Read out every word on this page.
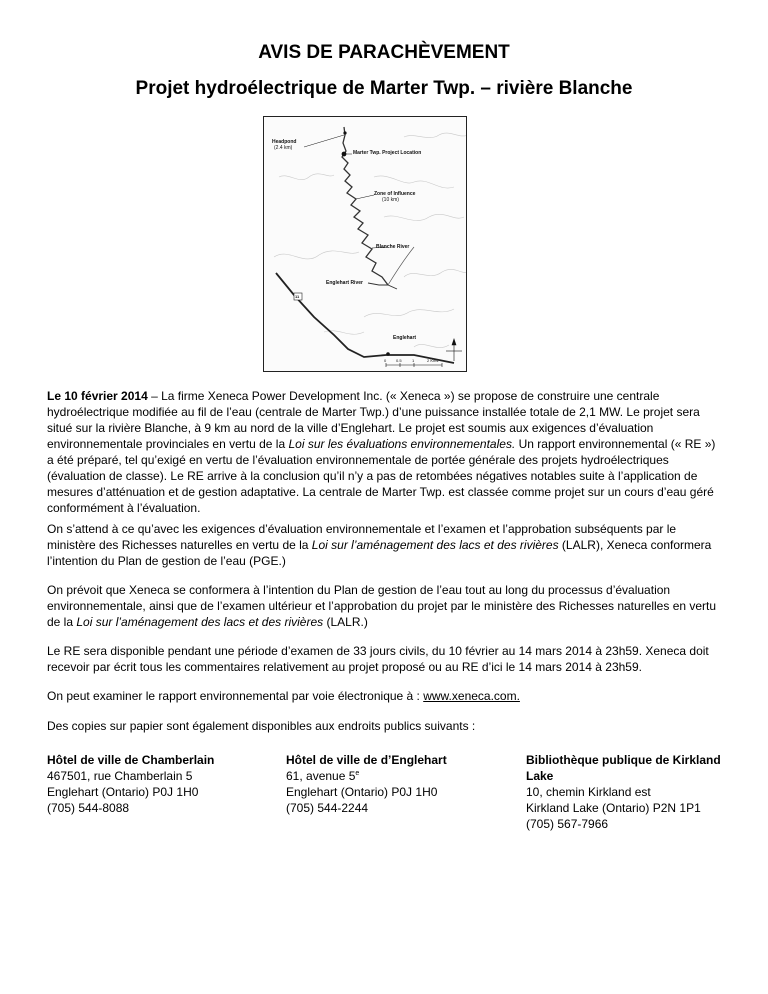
AVIS DE PARACHÈVEMENT
Projet hydroélectrique de Marter Twp. – rivière Blanche
Headpond
(2.4 km)
Marter Twp. Project Location
Zone of Influence
(10 km)
Blanche River
Englehart River
Englehart
11
0 0.5	1	2 Kms

Le 10 février 2014 – La firme Xeneca Power Development Inc. (« Xeneca ») se propose de construire une centrale hydroélectrique modifiée au fil de l’eau (centrale de Marter Twp.) d’une puissance installée totale de 2,1 MW. Le projet sera situé sur la rivière Blanche, à 9 km au nord de la ville d’Englehart. Le projet est soumis aux exigences d’évaluation environnementale provinciales en vertu de la Loi sur les évaluations environnementales. Un rapport environnemental (« RE ») a été préparé, tel qu’exigé en vertu de l’évaluation environnementale de portée générale des projets hydroélectriques (évaluation de classe). Le RE arrive à la conclusion qu’il n’y a pas de retombées négatives notables suite à l’application de mesures d’atténuation et de gestion adaptative. La centrale de Marter Twp. est classée comme projet sur un cours d’eau géré conformément à l’évaluation.

On s’attend à ce qu’avec les exigences d’évaluation environnementale et l’examen et l’approbation subséquents par le ministère des Richesses naturelles en vertu de la Loi sur l’aménagement des lacs et des rivières (LALR), Xeneca conformera l’intention du Plan de gestion de l’eau (PGE.)

On prévoit que Xeneca se conformera à l’intention du Plan de gestion de l’eau tout au long du processus d’évaluation environnementale, ainsi que de l’examen ultérieur et l’approbation du projet par le ministère des Richesses naturelles en vertu de la Loi sur l’aménagement des lacs et des rivières (LALR.)

Le RE sera disponible pendant une période d’examen de 33 jours civils, du 10 février au 14 mars 2014 à 23h59. Xeneca doit recevoir par écrit tous les commentaires relativement au projet proposé ou au RE d’ici le 14 mars 2014 à 23h59.

On peut examiner le rapport environnemental par voie électronique à : www.xeneca.com.

Des copies sur papier sont également disponibles aux endroits publics suivants :

Hôtel de ville de Chamberlain
467501, rue Chamberlain 5
Englehart (Ontario) P0J 1H0
(705) 544-8088
Hôtel de ville de d’Englehart
61, avenue 5e
Englehart (Ontario) P0J 1H0
(705) 544-2244
Bibliothèque publique de Kirkland Lake
10, chemin Kirkland est
Kirkland Lake (Ontario) P2N 1P1
(705) 567-7966
